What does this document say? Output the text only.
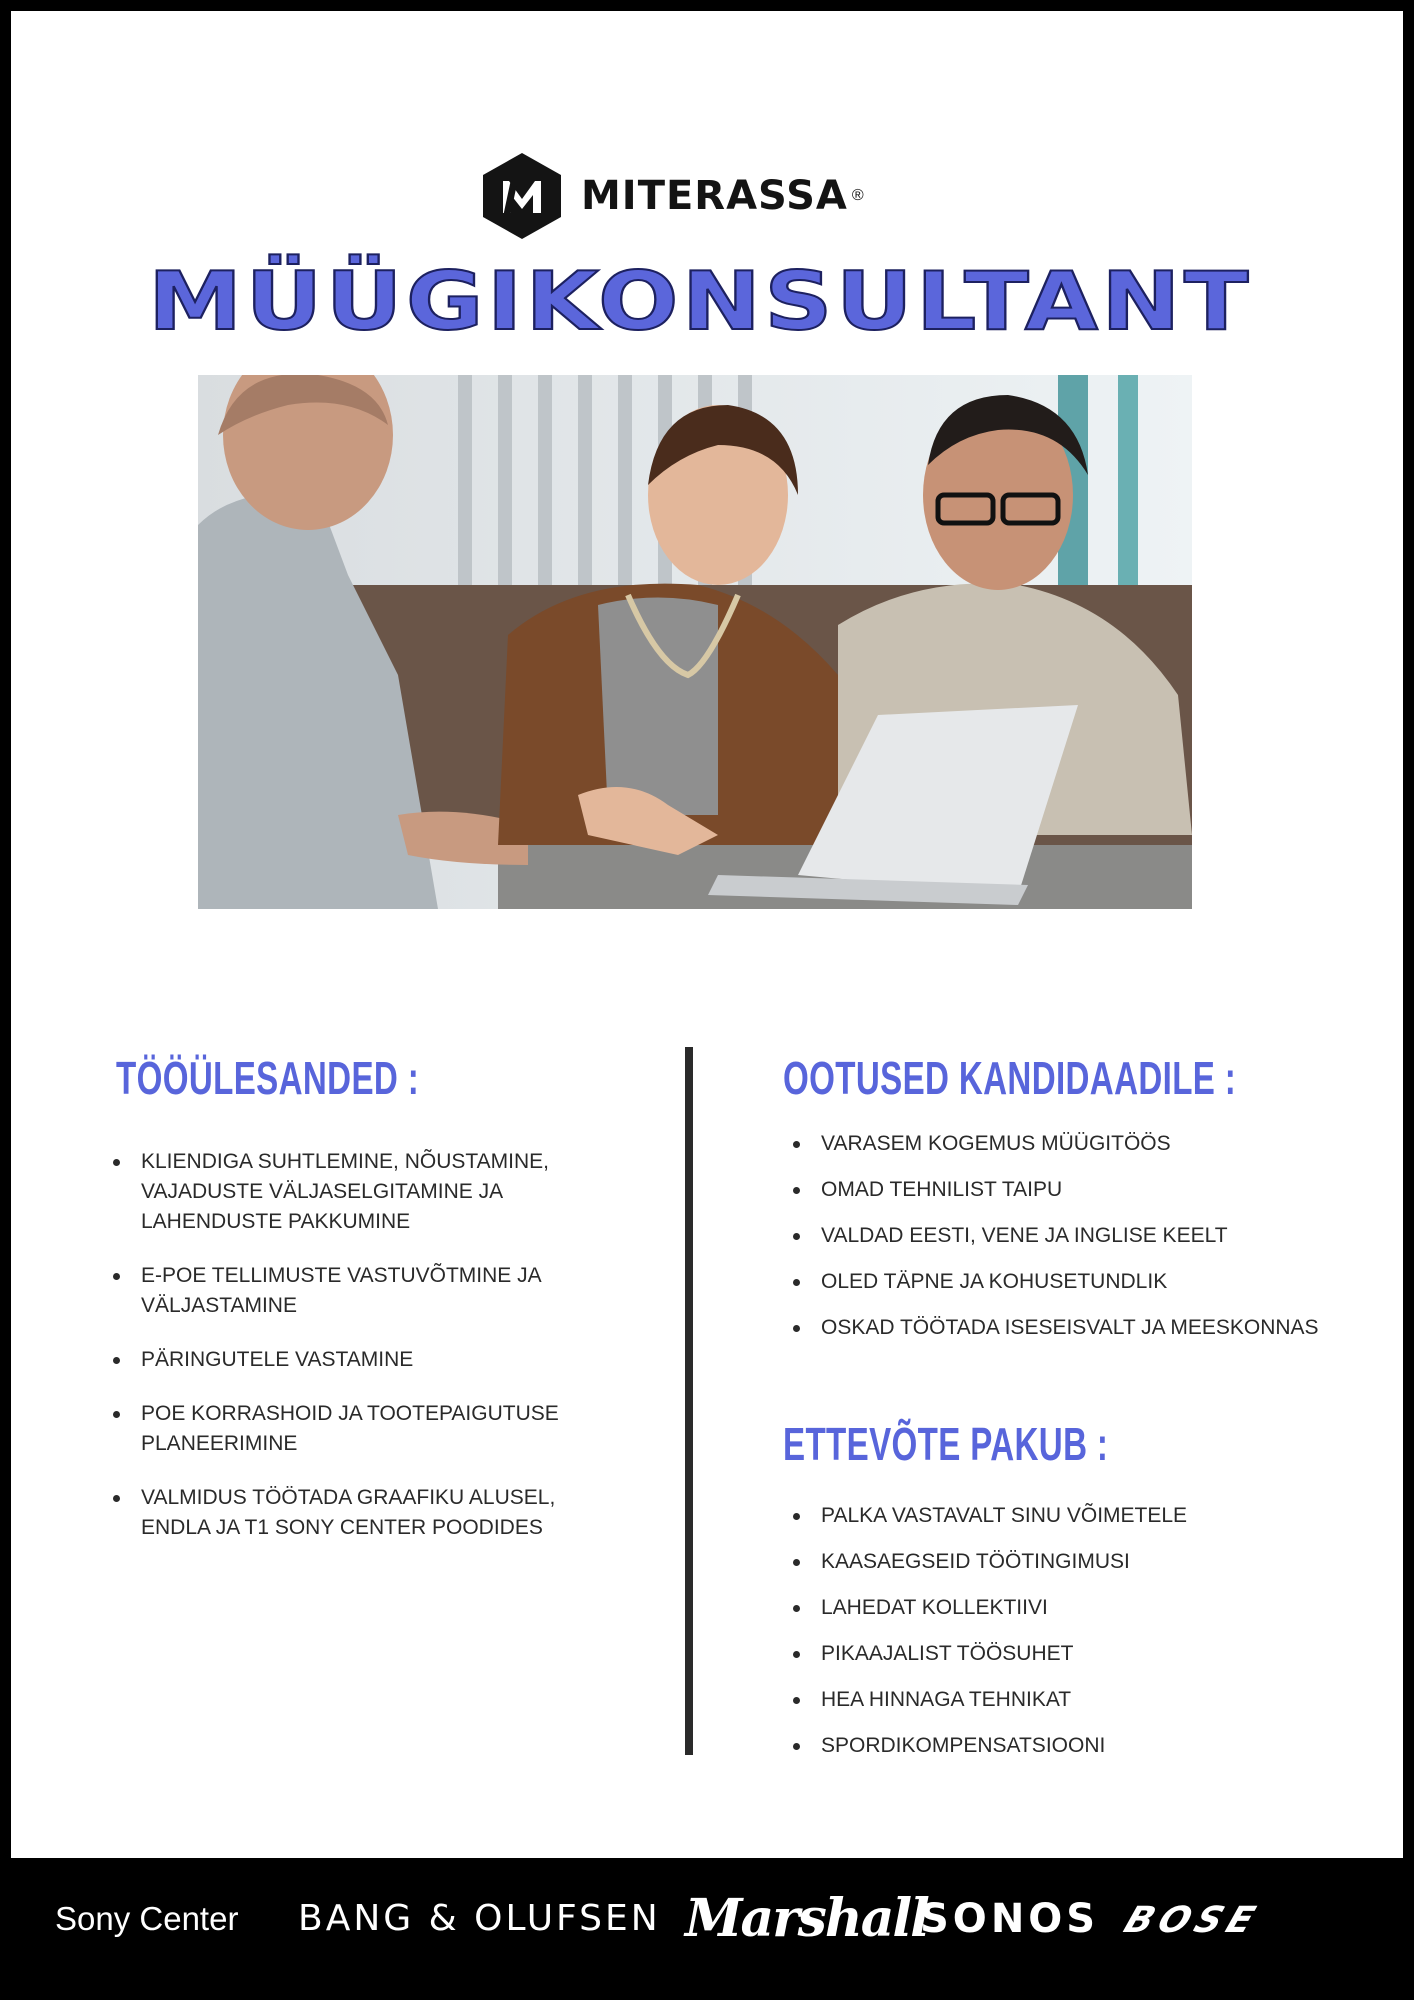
MITERASSA ®
MÜÜGIKONSULTANT
TÖÖÜLESANDED :
KLIENDIGA SUHTLEMINE, NÕUSTAMINE,
VAJADUSTE VÄLJASELGITAMINE JA
LAHENDUSTE PAKKUMINE
E-POE TELLIMUSTE VASTUVÕTMINE JA
VÄLJASTAMINE
PÄRINGUTELE VASTAMINE
POE KORRASHOID JA TOOTEPAIGUTUSE
PLANEERIMINE
VALMIDUS TÖÖTADA GRAAFIKU ALUSEL,
ENDLA JA T1 SONY CENTER POODIDES
OOTUSED KANDIDAADILE :
VARASEM KOGEMUS MÜÜGITÖÖS
OMAD TEHNILIST TAIPU
VALDAD EESTI, VENE JA INGLISE KEELT
OLED TÄPNE JA KOHUSETUNDLIK
OSKAD TÖÖTADA ISESEISVALT JA MEESKONNAS
ETTEVÕTE PAKUB :
PALKA VASTAVALT SINU VÕIMETELE
KAASAEGSEID TÖÖTINGIMUSI
LAHEDAT KOLLEKTIIVI
PIKAAJALIST TÖÖSUHET
HEA HINNAGA TEHNIKAT
SPORDIKOMPENSATSIOONI
Sony Center BANG & OLUFSEN Marshall
SONOS BOSE
